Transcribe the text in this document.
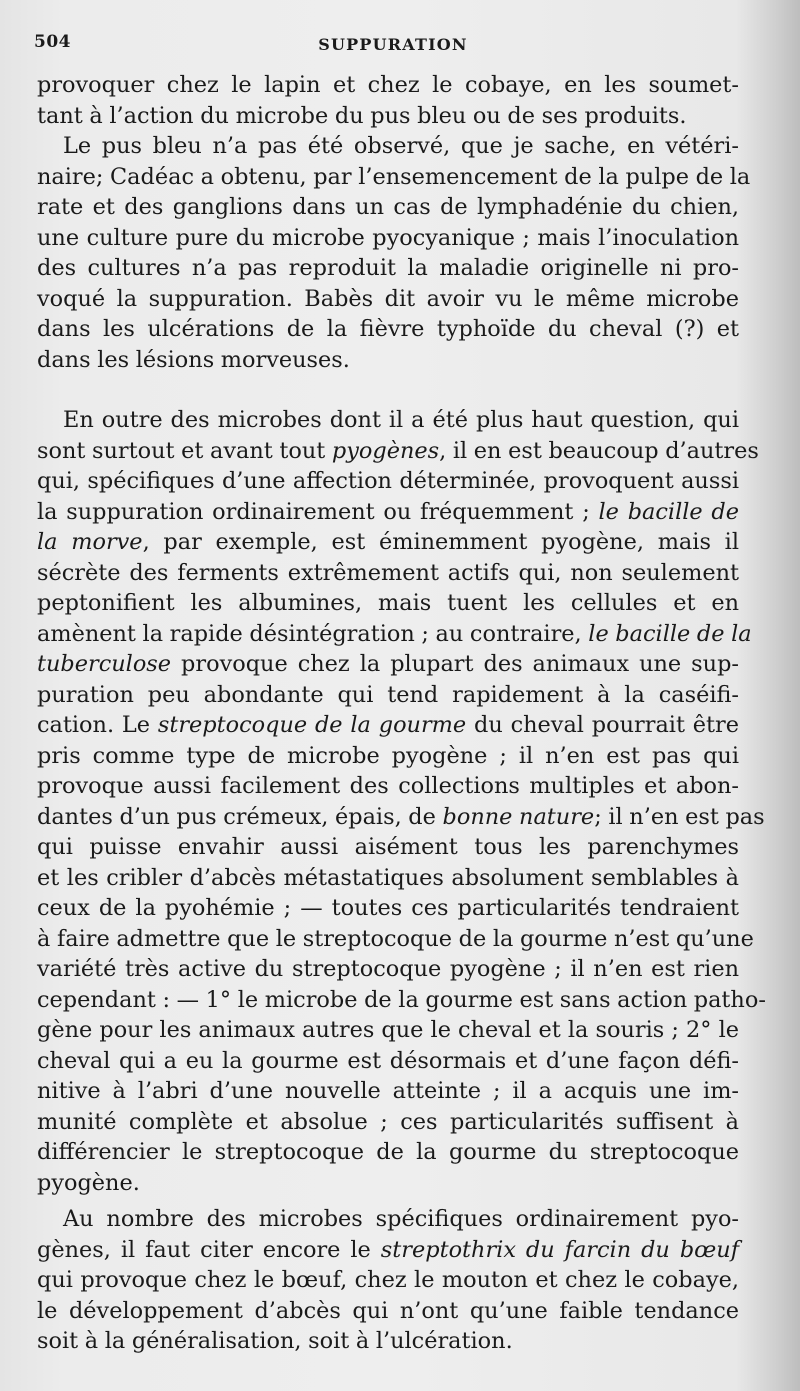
504	SUPPURATION
provoquer chez le lapin et chez le cobaye, en les soumet-
tant à l’action du microbe du pus bleu ou de ses produits.
Le pus bleu n’a pas été observé, que je sache, en vétéri-
naire; Cadéac a obtenu, par l’ensemencement de la pulpe de la
rate et des ganglions dans un cas de lymphadénie du chien,
une culture pure du microbe pyocyanique ; mais l’inoculation
des cultures n’a pas reproduit la maladie originelle ni pro-
voqué la suppuration. Babès dit avoir vu le même microbe
dans les ulcérations de la fièvre typhoïde du cheval (?) et
dans les lésions morveuses.
En outre des microbes dont il a été plus haut question, qui
sont surtout et avant tout pyogènes, il en est beaucoup d’autres
qui, spécifiques d’une affection déterminée, provoquent aussi
la suppuration ordinairement ou fréquemment ; le bacille de
la morve, par exemple, est éminemment pyogène, mais il
sécrète des ferments extrêmement actifs qui, non seulement
peptonifient les albumines, mais tuent les cellules et en
amènent la rapide désintégration ; au contraire, le bacille de la
tuberculose provoque chez la plupart des animaux une sup-
puration peu abondante qui tend rapidement à la caséifi-
cation. Le streptocoque de la gourme du cheval pourrait être
pris comme type de microbe pyogène ; il n’en est pas qui
provoque aussi facilement des collections multiples et abon-
dantes d’un pus crémeux, épais, de bonne nature; il n’en est pas
qui puisse envahir aussi aisément tous les parenchymes
et les cribler d’abcès métastatiques absolument semblables à
ceux de la pyohémie ; — toutes ces particularités tendraient
à faire admettre que le streptocoque de la gourme n’est qu’une
variété très active du streptocoque pyogène ; il n’en est rien
cependant : — 1° le microbe de la gourme est sans action patho-
gène pour les animaux autres que le cheval et la souris ; 2° le
cheval qui a eu la gourme est désormais et d’une façon défi-
nitive à l’abri d’une nouvelle atteinte ; il a acquis une im-
munité complète et absolue ; ces particularités suffisent à
différencier le streptocoque de la gourme du streptocoque
pyogène.
Au nombre des microbes spécifiques ordinairement pyo-
gènes, il faut citer encore le streptothrix du farcin du bœuf
qui provoque chez le bœuf, chez le mouton et chez le cobaye,
le développement d’abcès qui n’ont qu’une faible tendance
soit à la généralisation, soit à l’ulcération.
